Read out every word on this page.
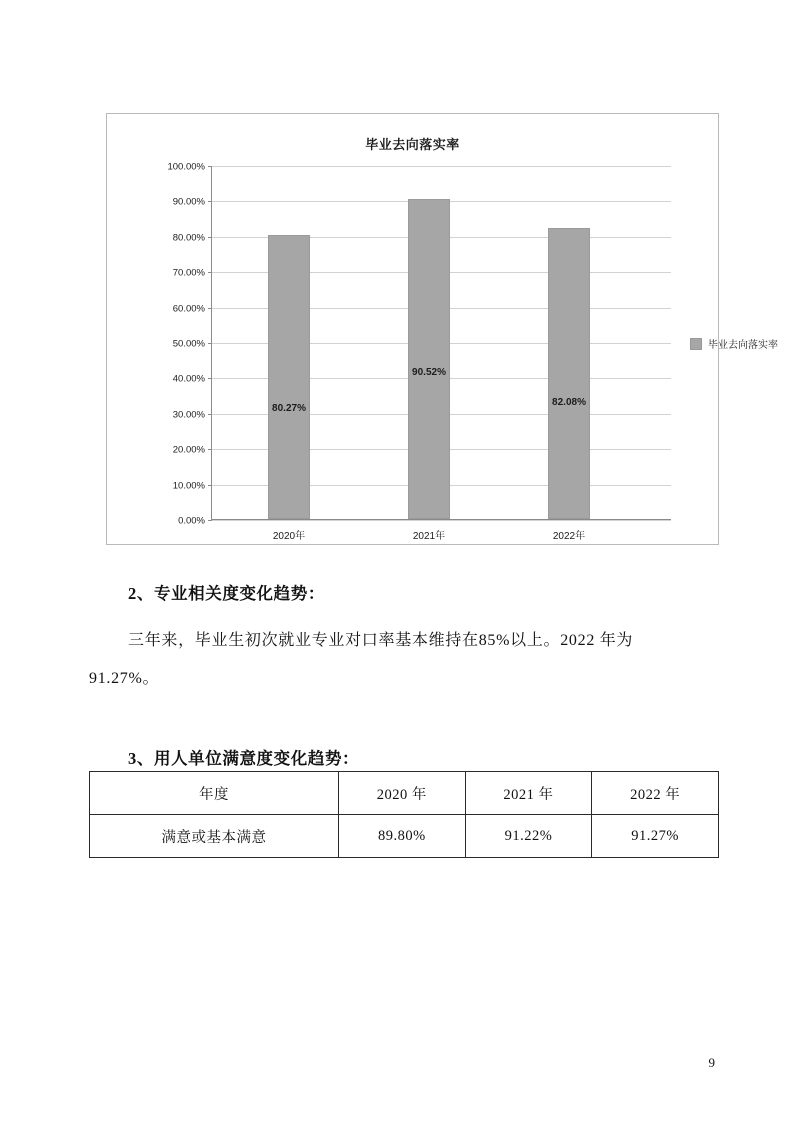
毕业去向落实率
100.00%
90.00%
80.00%
70.00%
60.00%
50.00%
40.00%
30.00%
20.00%
10.00%
0.00%
80.27%
2020年
90.52%
2021年
82.08%
2022年
毕业去向落实率
2、专业相关度变化趋势：
三年来，毕业生初次就业专业对口率基本维持在85%以上。2022 年为
91.27%。
3、用人单位满意度变化趋势：
年度	2020 年	2021 年	2022 年
满意或基本满意	89.80%	91.22%	91.27%
9
